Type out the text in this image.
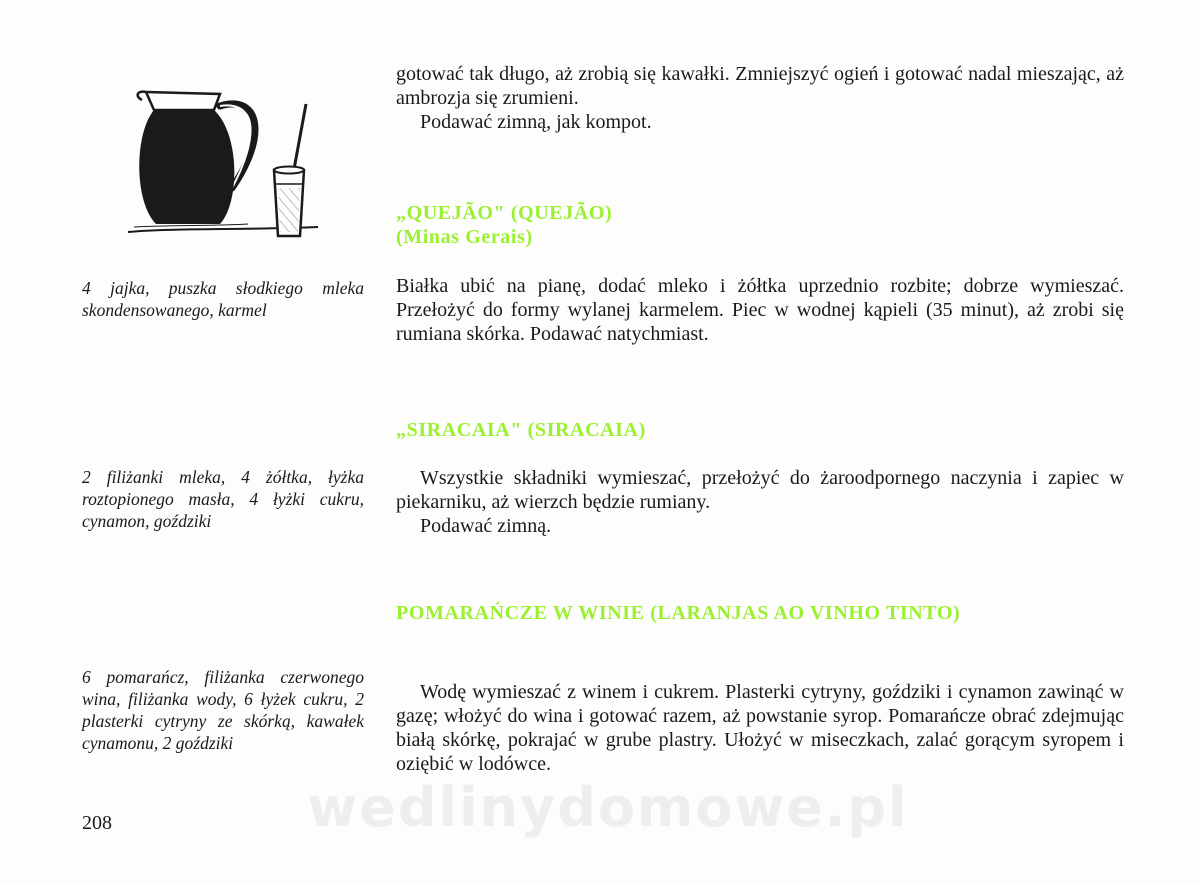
4 jajka, puszka słodkiego mleka skondensowanego, karmel
2 filiżanki mleka, 4 żółtka, łyżka roztopionego masła, 4 łyżki cukru, cynamon, goździki
6 pomarańcz, filiżanka czerwonego wina, filiżanka wody, 6 łyżek cukru, 2 plasterki cytryny ze skórką, kawałek cynamonu, 2 goździki

gotować tak długo, aż zrobią się kawałki. Zmniejszyć ogień i gotować nadal mieszając, aż ambrozja się zrumieni.

Podawać zimną, jak kompot.

„QUEJÃO" (QUEJÃO)
(Minas Gerais)

Białka ubić na pianę, dodać mleko i żółtka uprzednio rozbite; dobrze wymieszać. Przełożyć do formy wylanej karmelem. Piec w wodnej kąpieli (35 minut), aż zrobi się rumiana skórka. Podawać natychmiast.

„SIRACAIA" (SIRACAIA)

Wszystkie składniki wymieszać, przełożyć do żaroodpornego naczynia i zapiec w piekarniku, aż wierzch będzie rumiany.

Podawać zimną.

POMARAŃCZE W WINIE (LARANJAS AO VINHO TINTO)

Wodę wymieszać z winem i cukrem. Plasterki cytryny, goździki i cynamon zawinąć w gazę; włożyć do wina i gotować razem, aż powstanie syrop. Pomarańcze obrać zdejmując białą skórkę, pokrajać w grube plastry. Ułożyć w miseczkach, zalać gorącym syropem i oziębić w lodówce.

208	wedlinydomowe.pl
